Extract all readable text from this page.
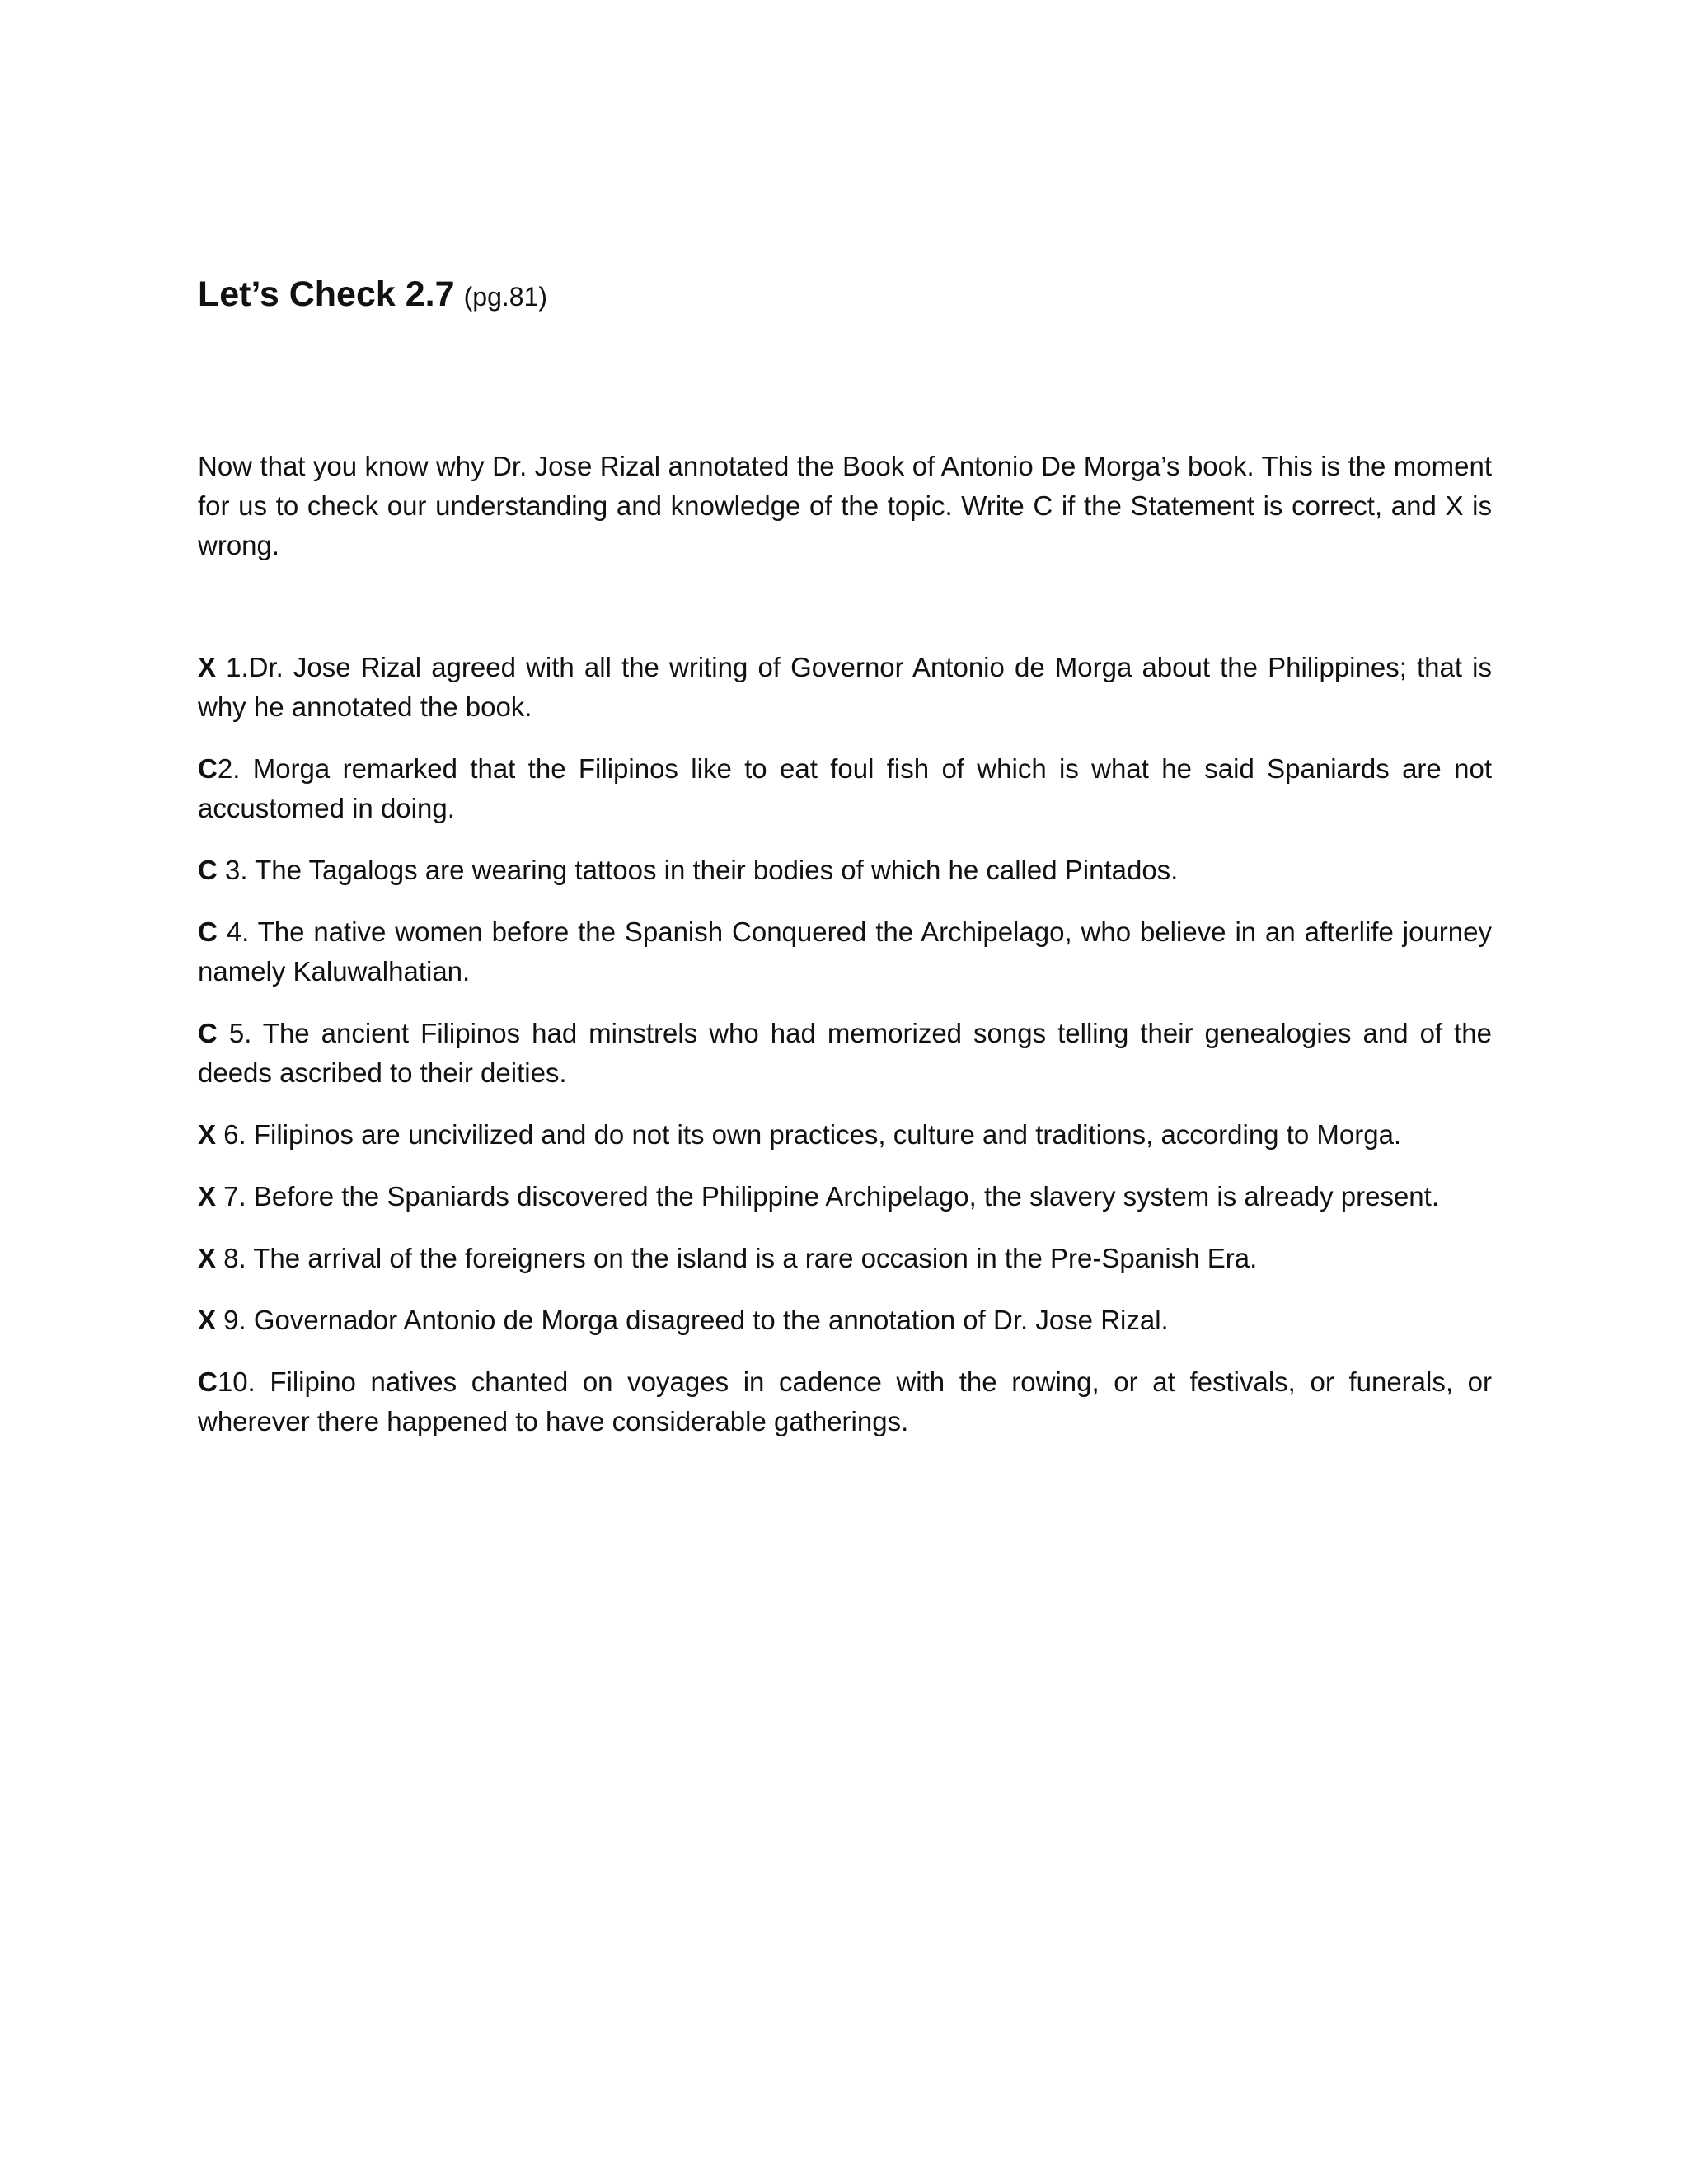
Let’s Check 2.7 (pg.81)

Now that you know why Dr. Jose Rizal annotated the Book of Antonio De Morga’s book. This is the moment for us to check our understanding and knowledge of the topic. Write C if the Statement is correct, and X is wrong.

X 1.Dr. Jose Rizal agreed with all the writing of Governor Antonio de Morga about the Philippines; that is why he annotated the book.
C2. Morga remarked that the Filipinos like to eat foul fish of which is what he said Spaniards are not accustomed in doing.
C 3. The Tagalogs are wearing tattoos in their bodies of which he called Pintados.
C 4. The native women before the Spanish Conquered the Archipelago, who believe in an afterlife journey namely Kaluwalhatian.
C 5. The ancient Filipinos had minstrels who had memorized songs telling their genealogies and of the deeds ascribed to their deities.
X 6. Filipinos are uncivilized and do not its own practices, culture and traditions, according to Morga.
X 7. Before the Spaniards discovered the Philippine Archipelago, the slavery system is already present.
X 8. The arrival of the foreigners on the island is a rare occasion in the Pre-Spanish Era.
X 9. Governador Antonio de Morga disagreed to the annotation of Dr. Jose Rizal.
C10. Filipino natives chanted on voyages in cadence with the rowing, or at festivals, or funerals, or wherever there happened to have considerable gatherings.
